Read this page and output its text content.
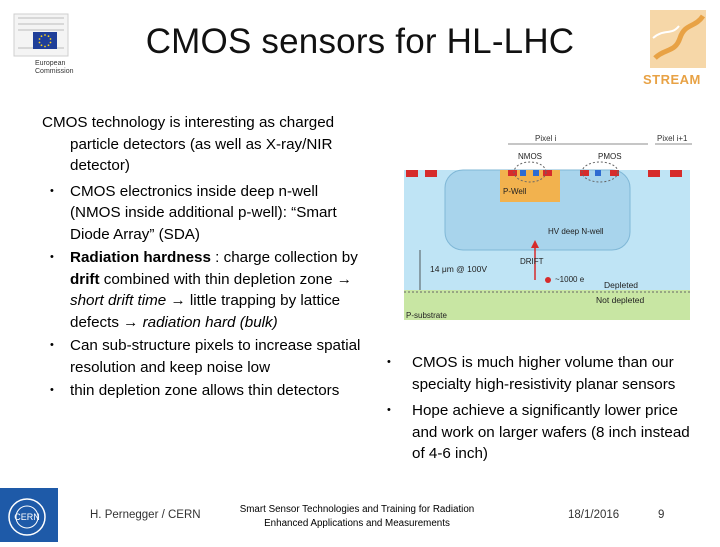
European
Commission
CMOS sensors for HL-LHC
STREAM
CMOS technology is interesting as charged particle detectors (as well as X-ray/NIR detector)
• CMOS electronics inside deep n-well (NMOS inside additional p-well): “Smart Diode Array” (SDA)
• Radiation hardness : charge collection by drift combined with thin depletion zone → short drift time → little trapping by lattice defects → radiation hard (bulk)
• Can sub-structure pixels to increase spatial resolution and keep noise low
• thin depletion zone allows thin detectors
Pixel i	Pixel i+1
NMOS	PMOS
P-Well
HV deep N-well
DRIFT
~1000 e
14 μm @ 100V
Depleted
Not depleted
P-substrate
• CMOS is much higher volume than our specialty high-resistivity planar sensors
• Hope achieve a significantly lower price and work on larger wafers (8 inch instead of 4-6 inch)
CERN	H. Pernegger / CERN	Smart Sensor Technologies and Training for Radiation
Enhanced Applications and Measurements
18/1/2016	9
